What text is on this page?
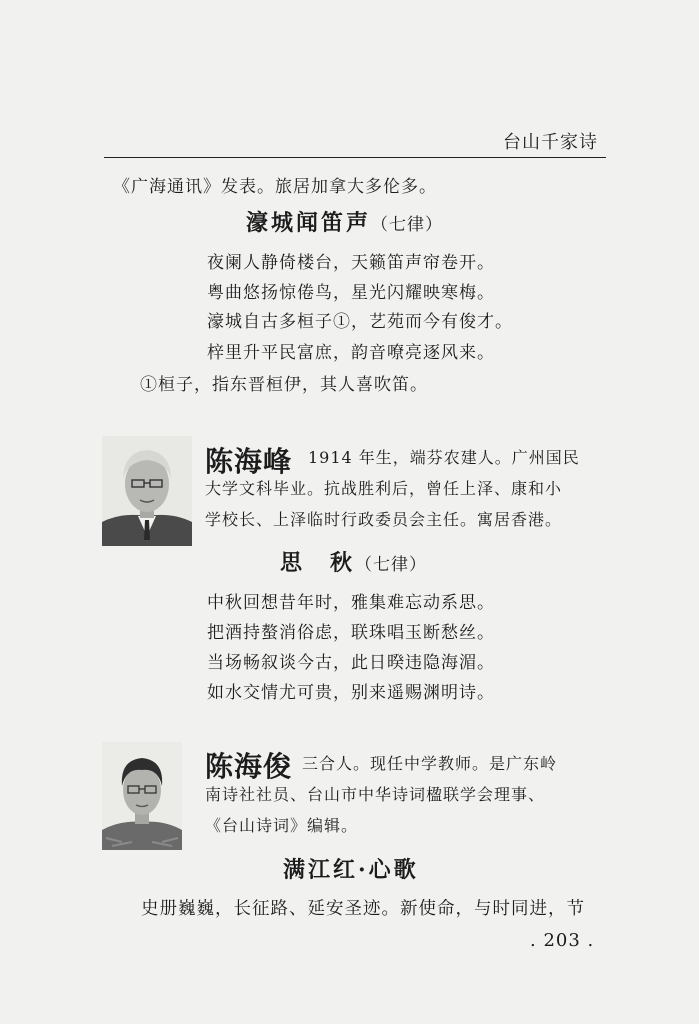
台山千家诗
《广海通讯》发表。旅居加拿大多伦多。
濠城闻笛声（七律）
夜阑人静倚楼台，天籁笛声帘卷开。
粤曲悠扬惊倦鸟，星光闪耀映寒梅。
濠城自古多桓子①，艺苑而今有俊才。
梓里升平民富庶，韵音嘹亮逐风来。
①桓子，指东晋桓伊，其人喜吹笛。
陈海峰 1914 年生，端芬农建人。广州国民
大学文科毕业。抗战胜利后，曾任上泽、康和小
学校长、上泽临时行政委员会主任。寓居香港。
思　秋（七律）
中秋回想昔年时，雅集难忘动系思。
把酒持螯消俗虑，联珠唱玉断愁丝。
当场畅叙谈今古，此日暌违隐海湄。
如水交情尤可贵，别来遥赐渊明诗。
陈海俊 三合人。现任中学教师。是广东岭
南诗社社员、台山市中华诗词楹联学会理事、
《台山诗词》编辑。
满江红·心歌
史册巍巍，长征路、延安圣迹。新使命，与时同进，节
. 203 .
